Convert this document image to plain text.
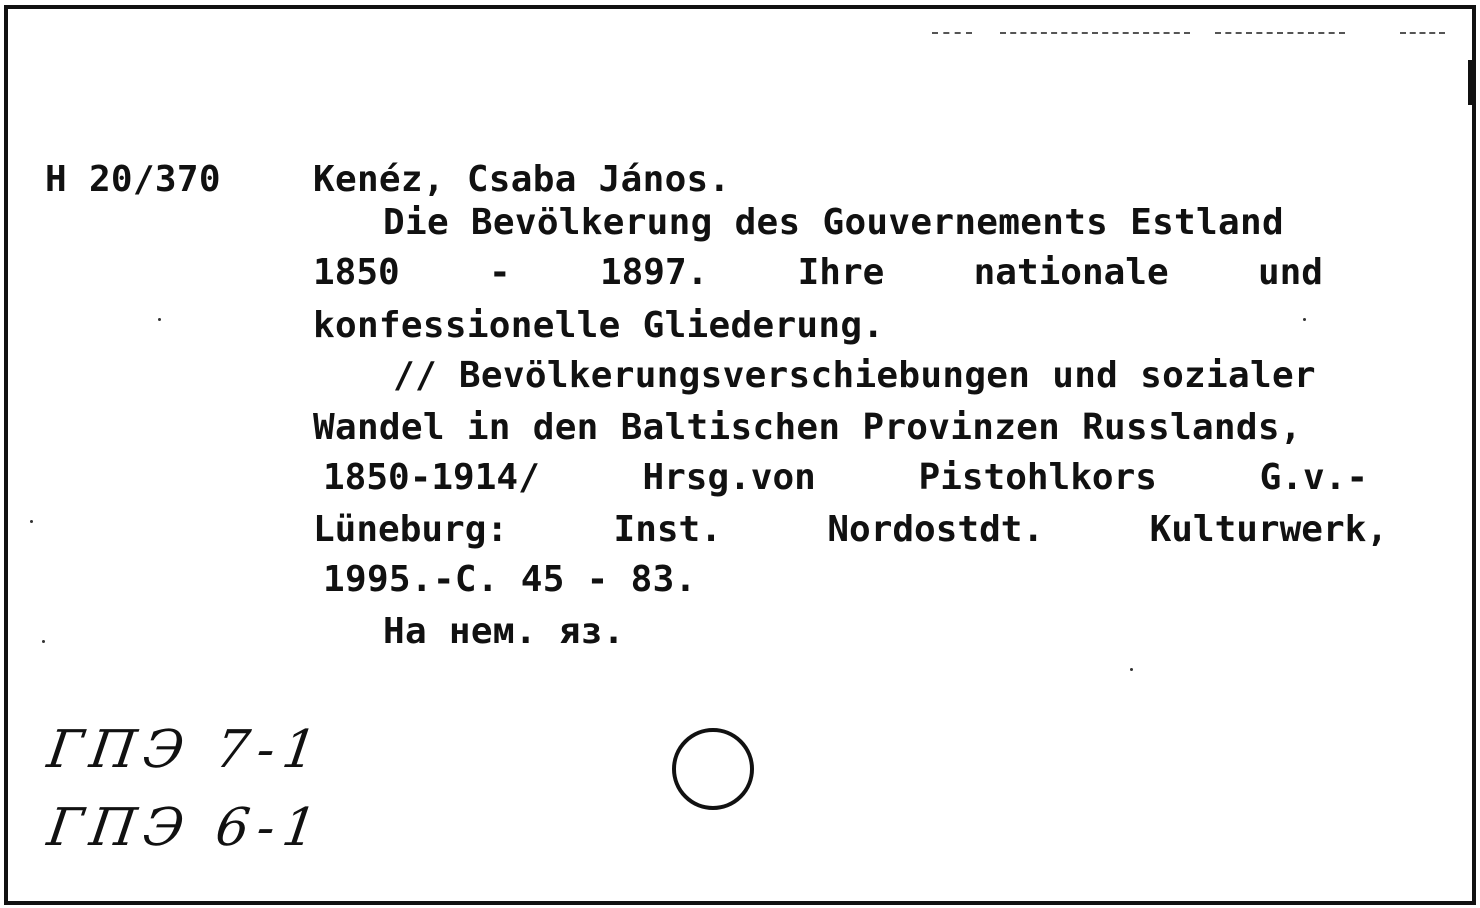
H 20/370	Kenéz, Csaba János.
Die Bevölkerung des Gouvernements Estland
1850 - 1897. Ihre nationale und
konfessionelle Gliederung.
// Bevölkerungsverschiebungen und sozialer
Wandel in den Baltischen Provinzen Russlands,
1850-1914/	Hrsg.von	Pistohlkors	G.v.-
Lüneburg:	Inst.	Nordostdt.	Kulturwerk,
1995.-С. 45 - 83.
На нем. яз.
ГПЭ 7-1
ГПЭ 6-1
